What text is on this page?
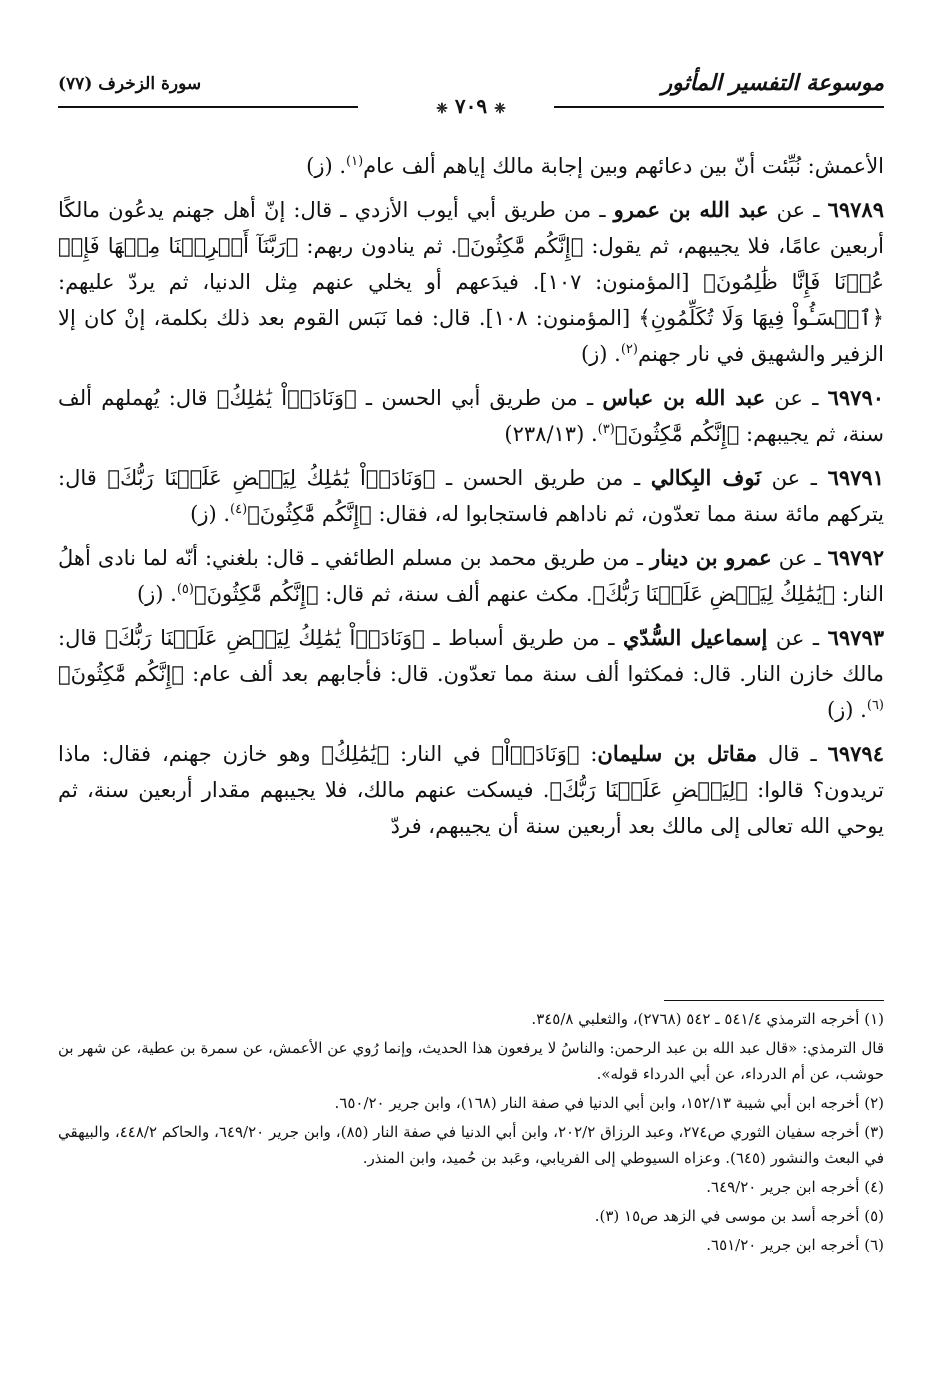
موسوعة التفسير المأثور
❈ ٧٠٩ ❈
سورة الزخرف (٧٧)

الأعمش: نُبِّئت أنّ بين دعائهم وبين إجابة مالك إياهم ألف عام$^{(١)}$. (ز)

٦٩٧٨٩ ـ عن عبد الله بن عمرو ـ من طريق أبي أيوب الأزدي ـ قال: إنّ أهل جهنم يدعُون مالكًا أربعين عامًا، فلا يجيبهم، ثم يقول: ﴿إِنَّكُم مَّٰكِثُونَ﴾. ثم ينادون ربهم: ﴿رَبَّنَآ أَخۡرِجۡنَا مِنۡهَا فَإِنۡ عُدۡنَا فَإِنَّا ظَٰلِمُونَ﴾ [المؤمنون: ١٠٧]. فيدَعهم أو يخلي عنهم مِثل الدنيا، ثم يردّ عليهم: ﴿ٱخۡسَـُٔواْ فِيهَا وَلَا تُكَلِّمُونِ﴾ [المؤمنون: ١٠٨]. قال: فما نَبَس القوم بعد ذلك بكلمة، إنْ كان إلا الزفير والشهيق في نار جهنم$^{(٢)}$. (ز)

٦٩٧٩٠ ـ عن عبد الله بن عباس ـ من طريق أبي الحسن ـ ﴿وَنَادَوۡاْ يَٰمَٰلِكُ﴾ قال: يُهملهم ألف سنة، ثم يجيبهم: ﴿إِنَّكُم مَّٰكِثُونَ﴾$^{(٣)}$. (٢٣٨/١٣)

٦٩٧٩١ ـ عن نَوف البِكالي ـ من طريق الحسن ـ ﴿وَنَادَوۡاْ يَٰمَٰلِكُ لِيَقۡضِ عَلَيۡنَا رَبُّكَ﴾ قال: يتركهم مائة سنة مما تعدّون، ثم ناداهم فاستجابوا له، فقال: ﴿إِنَّكُم مَّٰكِثُونَ﴾$^{(٤)}$. (ز)

٦٩٧٩٢ ـ عن عمرو بن دينار ـ من طريق محمد بن مسلم الطائفي ـ قال: بلغني: أنّه لما نادى أهلُ النار: ﴿يَٰمَٰلِكُ لِيَقۡضِ عَلَيۡنَا رَبُّكَ﴾. مكث عنهم ألف سنة، ثم قال: ﴿إِنَّكُم مَّٰكِثُونَ﴾$^{(٥)}$. (ز)

٦٩٧٩٣ ـ عن إسماعيل السُّدّي ـ من طريق أسباط ـ ﴿وَنَادَوۡاْ يَٰمَٰلِكُ لِيَقۡضِ عَلَيۡنَا رَبُّكَ﴾ قال: مالك خازن النار. قال: فمكثوا ألف سنة مما تعدّون. قال: فأجابهم بعد ألف عام: ﴿إِنَّكُم مَّٰكِثُونَ﴾$^{(٦)}$. (ز)

٦٩٧٩٤ ـ قال مقاتل بن سليمان: ﴿وَنَادَوۡاْ﴾ في النار: ﴿يَٰمَٰلِكُ﴾ وهو خازن جهنم، فقال: ماذا تريدون؟ قالوا: ﴿لِيَقۡضِ عَلَيۡنَا رَبُّكَ﴾. فيسكت عنهم مالك، فلا يجيبهم مقدار أربعين سنة، ثم يوحي الله تعالى إلى مالك بعد أربعين سنة أن يجيبهم، فردّ

(١) أخرجه الترمذي ٥٤١/٤ ـ ٥٤٢ (٢٧٦٨)، والثعلبي ٣٤٥/٨.

قال الترمذي: «قال عبد الله بن عبد الرحمن: والناسُ لا يرفعون هذا الحديث، وإنما رُوي عن الأعمش، عن سمرة بن عطية، عن شهر بن حوشب، عن أم الدرداء، عن أبي الدرداء قوله».

(٢) أخرجه ابن أبي شيبة ١٥٢/١٣، وابن أبي الدنيا في صفة النار (١٦٨)، وابن جرير ٦٥٠/٢٠.

(٣) أخرجه سفيان الثوري ص٢٧٤، وعبد الرزاق ٢٠٢/٢، وابن أبي الدنيا في صفة النار (٨٥)، وابن جرير ٦٤٩/٢٠، والحاكم ٤٤٨/٢، والبيهقي في البعث والنشور (٦٤٥). وعزاه السيوطي إلى الفريابي، وعَبد بن حُميد، وابن المنذر.

(٤) أخرجه ابن جرير ٦٤٩/٢٠.

(٥) أخرجه أسد بن موسى في الزهد ص١٥ (٣).

(٦) أخرجه ابن جرير ٦٥١/٢٠.
